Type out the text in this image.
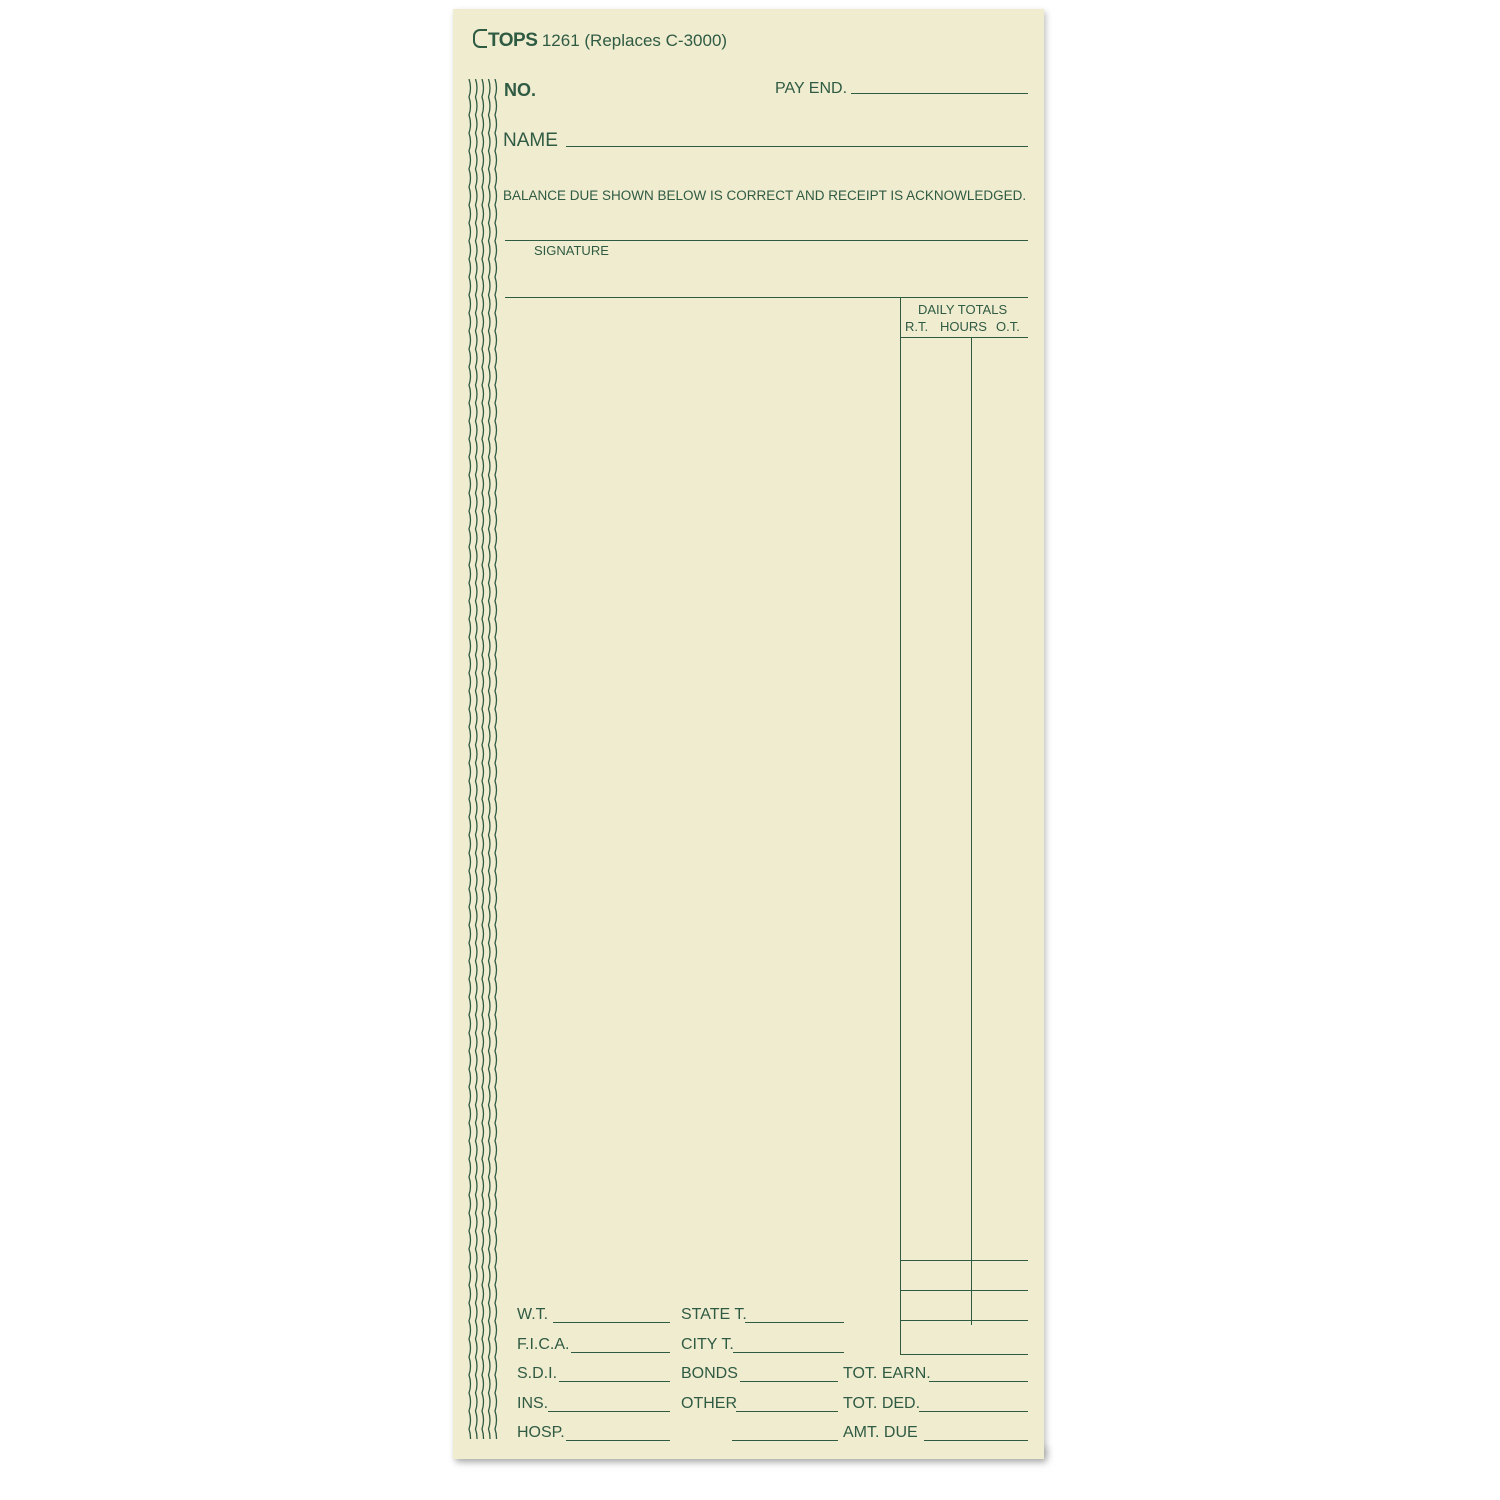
TOPS 1261 (Replaces C-3000)
NO.	PAY END.
NAME
BALANCE DUE SHOWN BELOW IS CORRECT AND RECEIPT IS ACKNOWLEDGED.
SIGNATURE
DAILY TOTALS
R.T. HOURS O.T.
W.T.
F.I.C.A.
S.D.I.
INS.
HOSP.
STATE T.
CITY T.
BONDS
OTHER
TOT. EARN.
TOT. DED.
AMT. DUE
